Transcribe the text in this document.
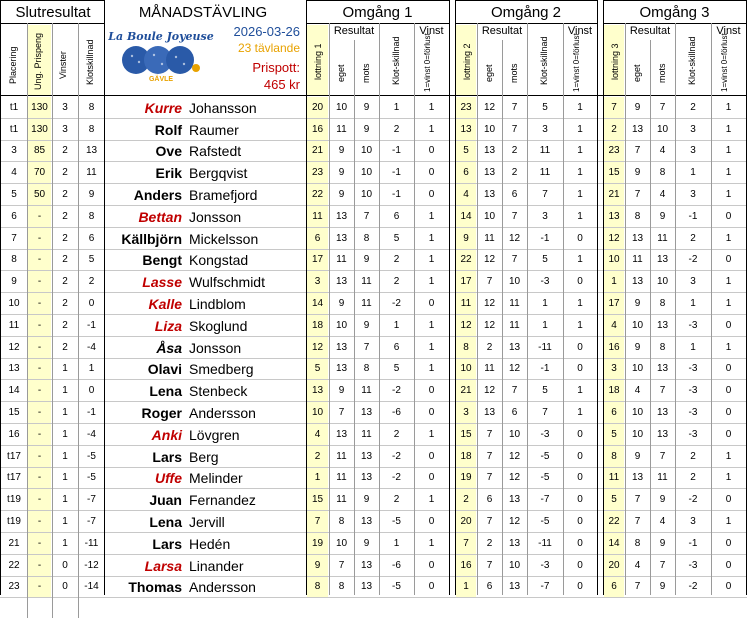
Slutresultat
La Boule Joyeuse
GÄVLE
MÅNADSTÄVLING
2026-03-26
23 tävlande
Prispott:
465 kr
Placering Ung. Prispeng Vinster Klotskillnad
Omgång 1
lottning 1
Resultat
eget mots Klot-skillnad
Vinst
1=vinst 0=förlust
Omgång 2
lottning 2
Resultat
eget mots Klot-skillnad
Vinst
1=vinst 0=förlust
Omgång 3
lottning 3
Resultat
eget mots Klot-skillnad
Vinst
1=vinst 0=förlust
t1	130	3	8	Kurre Johansson	20	10	9	1	1	23	12	7	5	1	7	9	7	2	1
t1	130	3	8	Rolf Raumer	16	11	9	2	1	13	10	7	3	1	2	13	10	3	1
3	85	2	13	Ove Rafstedt	21	9	10	-1	0	5	13	2	11	1	23	7	4	3	1
4	70	2	11	Erik Bergqvist	23	9	10	-1	0	6	13	2	11	1	15	9	8	1	1
5	50	2	9	Anders Bramefjord	22	9	10	-1	0	4	13	6	7	1	21	7	4	3	1
6	-	2	8	Bettan Jonsson	11	13	7	6	1	14	10	7	3	1	13	8	9	-1	0
7	-	2	6	Källbjörn Mickelsson	6	13	8	5	1	9	11	12	-1	0	12	13	11	2	1
8	-	2	5	Bengt Kongstad	17	11	9	2	1	22	12	7	5	1	10	11	13	-2	0
9	-	2	2	Lasse Wulfschmidt	3	13	11	2	1	17	7	10	-3	0	1	13	10	3	1
10	-	2	0	Kalle Lindblom	14	9	11	-2	0	11	12	11	1	1	17	9	8	1	1
11	-	2	-1	Liza Skoglund	18	10	9	1	1	12	12	11	1	1	4	10	13	-3	0
12	-	2	-4	Åsa Jonsson	12	13	7	6	1	8	2	13	-11	0	16	9	8	1	1
13	-	1	1	Olavi Smedberg	5	13	8	5	1	10	11	12	-1	0	3	10	13	-3	0
14	-	1	0	Lena Stenbeck	13	9	11	-2	0	21	12	7	5	1	18	4	7	-3	0
15	-	1	-1	Roger Andersson	10	7	13	-6	0	3	13	6	7	1	6	10	13	-3	0
16	-	1	-4	Anki Lövgren	4	13	11	2	1	15	7	10	-3	0	5	10	13	-3	0
t17	-	1	-5	Lars Berg	2	11	13	-2	0	18	7	12	-5	0	8	9	7	2	1
t17	-	1	-5	Uffe Melinder	1	11	13	-2	0	19	7	12	-5	0	11	13	11	2	1
t19	-	1	-7	Juan Fernandez	15	11	9	2	1	2	6	13	-7	0	5	7	9	-2	0
t19	-	1	-7	Lena Jervill	7	8	13	-5	0	20	7	12	-5	0	22	7	4	3	1
21	-	1	-11	Lars Hedén	19	10	9	1	1	7	2	13	-11	0	14	8	9	-1	0
22	-	0	-12	Larsa Linander	9	7	13	-6	0	16	7	10	-3	0	20	4	7	-3	0
23	-	0	-14	Thomas Andersson	8	8	13	-5	0	1	6	13	-7	0	6	7	9	-2	0
